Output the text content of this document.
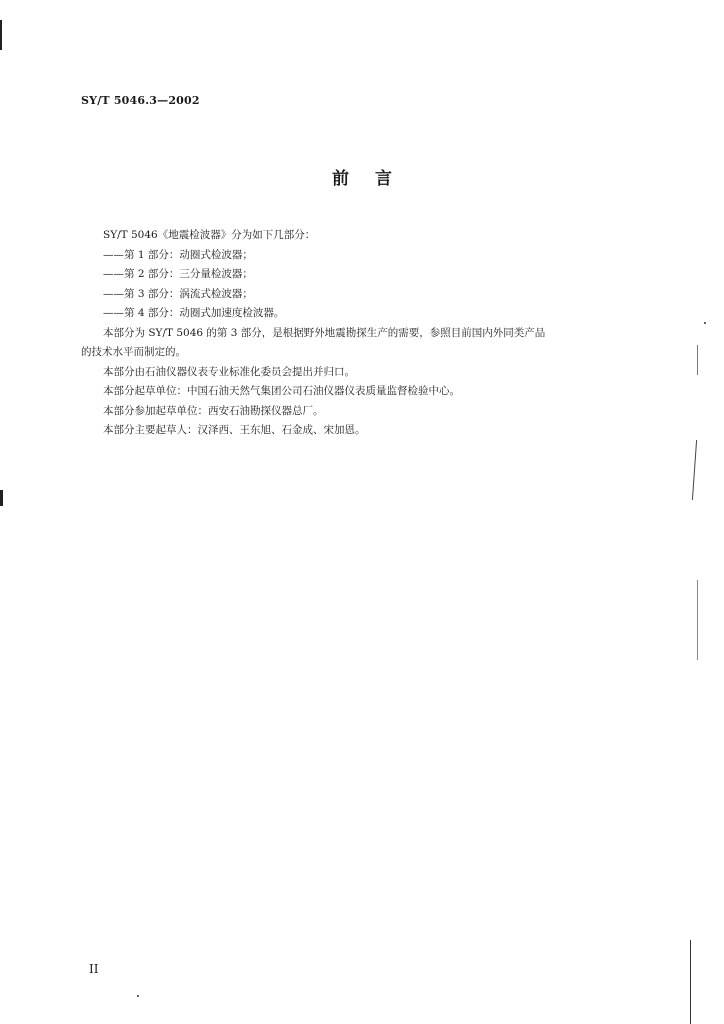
SY/T 5046.3—2002
前言

SY/T 5046《地震检波器》分为如下几部分：

——第 1 部分：动圈式检波器；

——第 2 部分：三分量检波器；

——第 3 部分：涡流式检波器；

——第 4 部分：动圈式加速度检波器。

本部分为 SY/T 5046 的第 3 部分，是根据野外地震勘探生产的需要，参照目前国内外同类产品

的技术水平而制定的。

本部分由石油仪器仪表专业标准化委员会提出并归口。

本部分起草单位：中国石油天然气集团公司石油仪器仪表质量监督检验中心。

本部分参加起草单位：西安石油勘探仪器总厂。

本部分主要起草人：汉泽西、王东旭、石金成、宋加恩。

II
